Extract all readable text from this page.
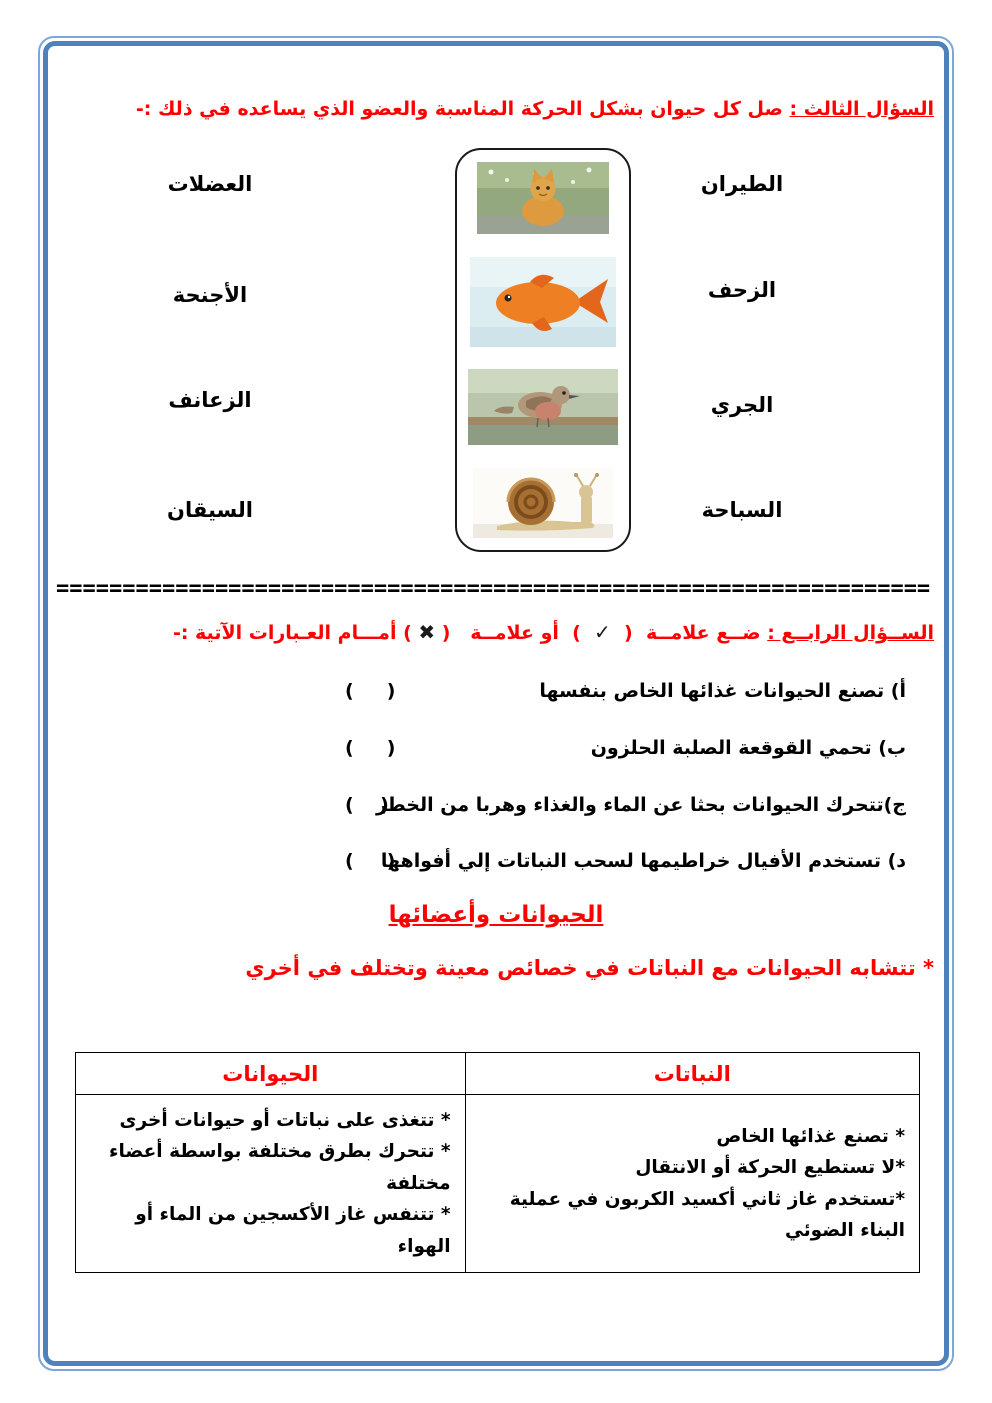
السؤال الثالث : صل كل حيوان بشكل الحركة المناسبة والعضو الذي يساعده في ذلك :-
الطيران
الزحف
الجري
السباحة
العضلات
الأجنحة
الزعانف
السيقان
==================================================================
الســؤال الرابــع : ضــع علامــة  (  ✓  )  أو علامــة   ( ✖ ) أمـــام العـبارات الآتية :-
أ) تصنع الحيوانات غذائها الخاص بنفسها
(     )
ب) تحمي القوقعة الصلبة الحلزون
(     )
ج)تتحرك الحيوانات بحثا عن الماء والغذاء وهربا من الخطر
(    )
د) تستخدم الأفيال خراطيمها لسحب النباتات إلي أفواهها
(     )
الحيوانات وأعضائها
* تتشابه الحيوانات مع النباتات في خصائص معينة وتختلف في أخري
النباتات	الحيوانات

* تصنع غذائها الخاص
*لا تستطيع الحركة أو الانتقال
*تستخدم غاز ثاني أكسيد الكربون في عملية البناء الضوئي

* تتغذى على نباتات أو حيوانات أخرى
* تتحرك بطرق مختلفة بواسطة أعضاء مختلفة
* تتنفس غاز الأكسجين من الماء أو الهواء
